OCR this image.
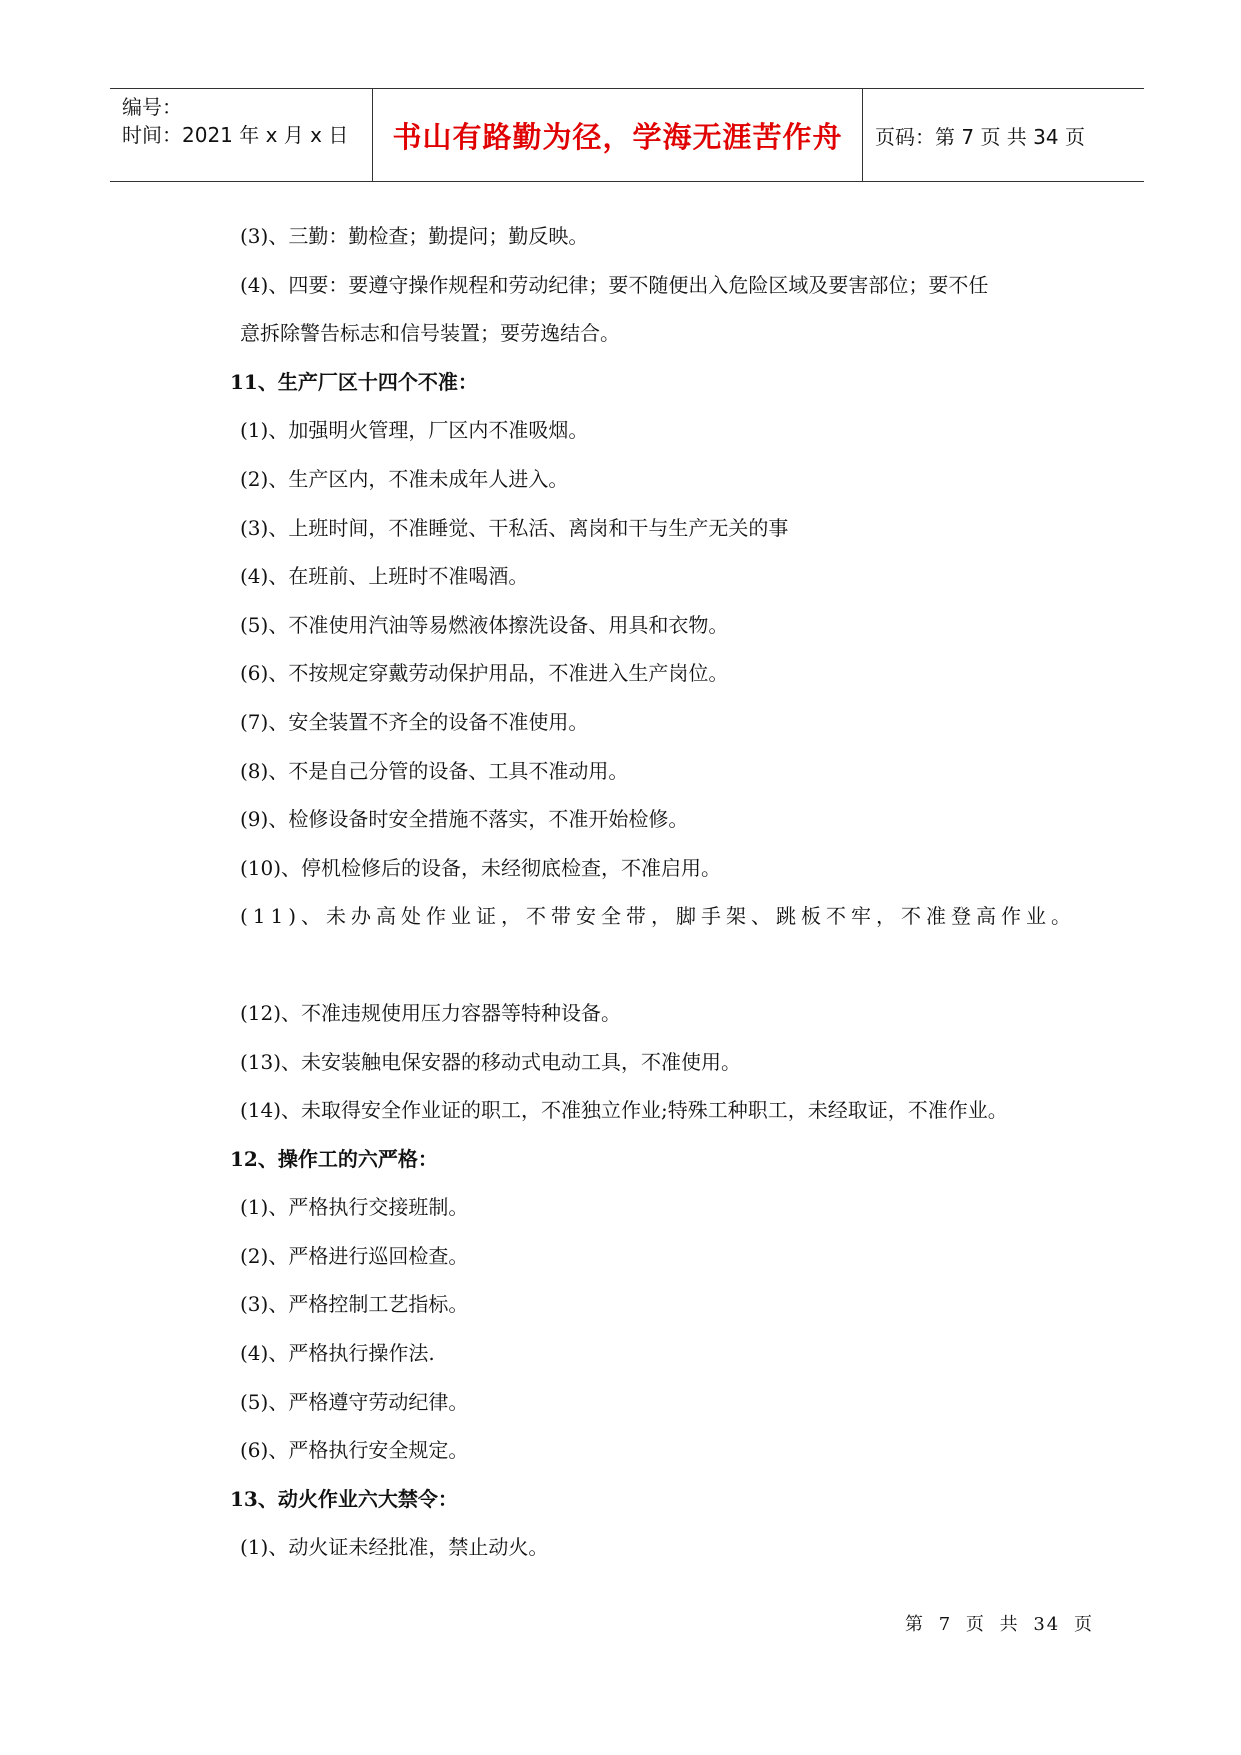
编号：
时间：2021 年 x 月 x 日	书山有路勤为径，学海无涯苦作舟	页码：第 7 页 共 34 页
(3)、三勤：勤检查；勤提问；勤反映。
(4)、四要：要遵守操作规程和劳动纪律；要不随便出入危险区域及要害部位；要不任
意拆除警告标志和信号装置；要劳逸结合。
11、生产厂区十四个不准：
(1)、加强明火管理，厂区内不准吸烟。
(2)、生产区内，不准未成年人进入。
(3)、上班时间，不准睡觉、干私活、离岗和干与生产无关的事
(4)、在班前、上班时不准喝酒。
(5)、不准使用汽油等易燃液体擦洗设备、用具和衣物。
(6)、不按规定穿戴劳动保护用品，不准进入生产岗位。
(7)、安全装置不齐全的设备不准使用。
(8)、不是自己分管的设备、工具不准动用。
(9)、检修设备时安全措施不落实，不准开始检修。
(10)、停机检修后的设备，未经彻底检查，不准启用。
(11)、未办高处作业证，不带安全带，脚手架、跳板不牢，不准登高作业。
(12)、不准违规使用压力容器等特种设备。
(13)、未安装触电保安器的移动式电动工具，不准使用。
(14)、未取得安全作业证的职工，不准独立作业;特殊工种职工，未经取证，不准作业。
12、操作工的六严格：
(1)、严格执行交接班制。
(2)、严格进行巡回检查。
(3)、严格控制工艺指标。
(4)、严格执行操作法.
(5)、严格遵守劳动纪律。
(6)、严格执行安全规定。
13、动火作业六大禁令：
(1)、动火证未经批准，禁止动火。
第 7 页 共 34 页
